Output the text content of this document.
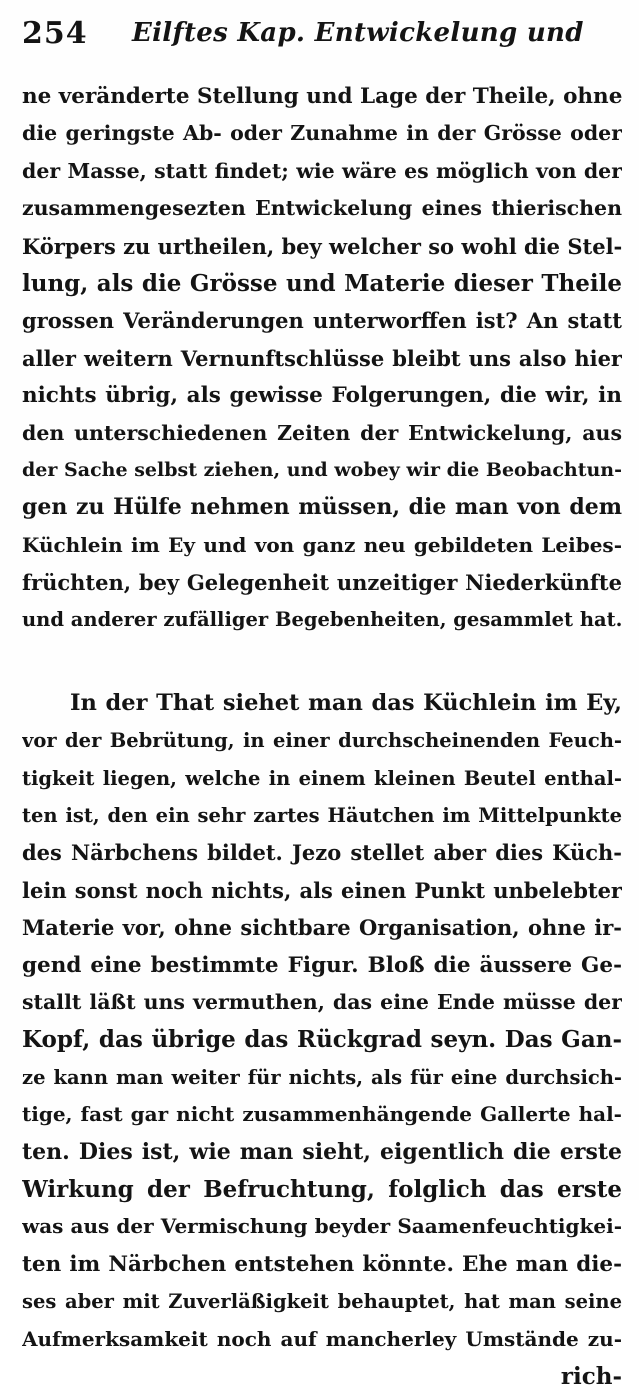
254 Eilftes Kap. Entwickelung und
ne veränderte Stellung und Lage der Theile, ohne
die geringste Ab- oder Zunahme in der Grösse oder
der Masse, statt findet; wie wäre es möglich von der
zusammengesezten Entwickelung eines thierischen
Körpers zu urtheilen, bey welcher so wohl die Stel-
lung, als die Grösse und Materie dieser Theile
grossen Veränderungen unterworffen ist? An statt
aller weitern Vernunftschlüsse bleibt uns also hier
nichts übrig, als gewisse Folgerungen, die wir, in
den unterschiedenen Zeiten der Entwickelung, aus
der Sache selbst ziehen, und wobey wir die Beobachtun-
gen zu Hülfe nehmen müssen, die man von dem
Küchlein im Ey und von ganz neu gebildeten Leibes-
früchten, bey Gelegenheit unzeitiger Niederkünfte
und anderer zufälliger Begebenheiten, gesammlet hat.
In der That siehet man das Küchlein im Ey,
vor der Bebrütung, in einer durchscheinenden Feuch-
tigkeit liegen, welche in einem kleinen Beutel enthal-
ten ist, den ein sehr zartes Häutchen im Mittelpunkte
des Närbchens bildet. Jezo stellet aber dies Küch-
lein sonst noch nichts, als einen Punkt unbelebter
Materie vor, ohne sichtbare Organisation, ohne ir-
gend eine bestimmte Figur. Bloß die äussere Ge-
stallt läßt uns vermuthen, das eine Ende müsse der
Kopf, das übrige das Rückgrad seyn. Das Gan-
ze kann man weiter für nichts, als für eine durchsich-
tige, fast gar nicht zusammenhängende Gallerte hal-
ten. Dies ist, wie man sieht, eigentlich die erste
Wirkung der Befruchtung, folglich das erste
was aus der Vermischung beyder Saamenfeuchtigkei-
ten im Närbchen entstehen könnte. Ehe man die-
ses aber mit Zuverläßigkeit behauptet, hat man seine
Aufmerksamkeit noch auf mancherley Umstände zu-
rich-
